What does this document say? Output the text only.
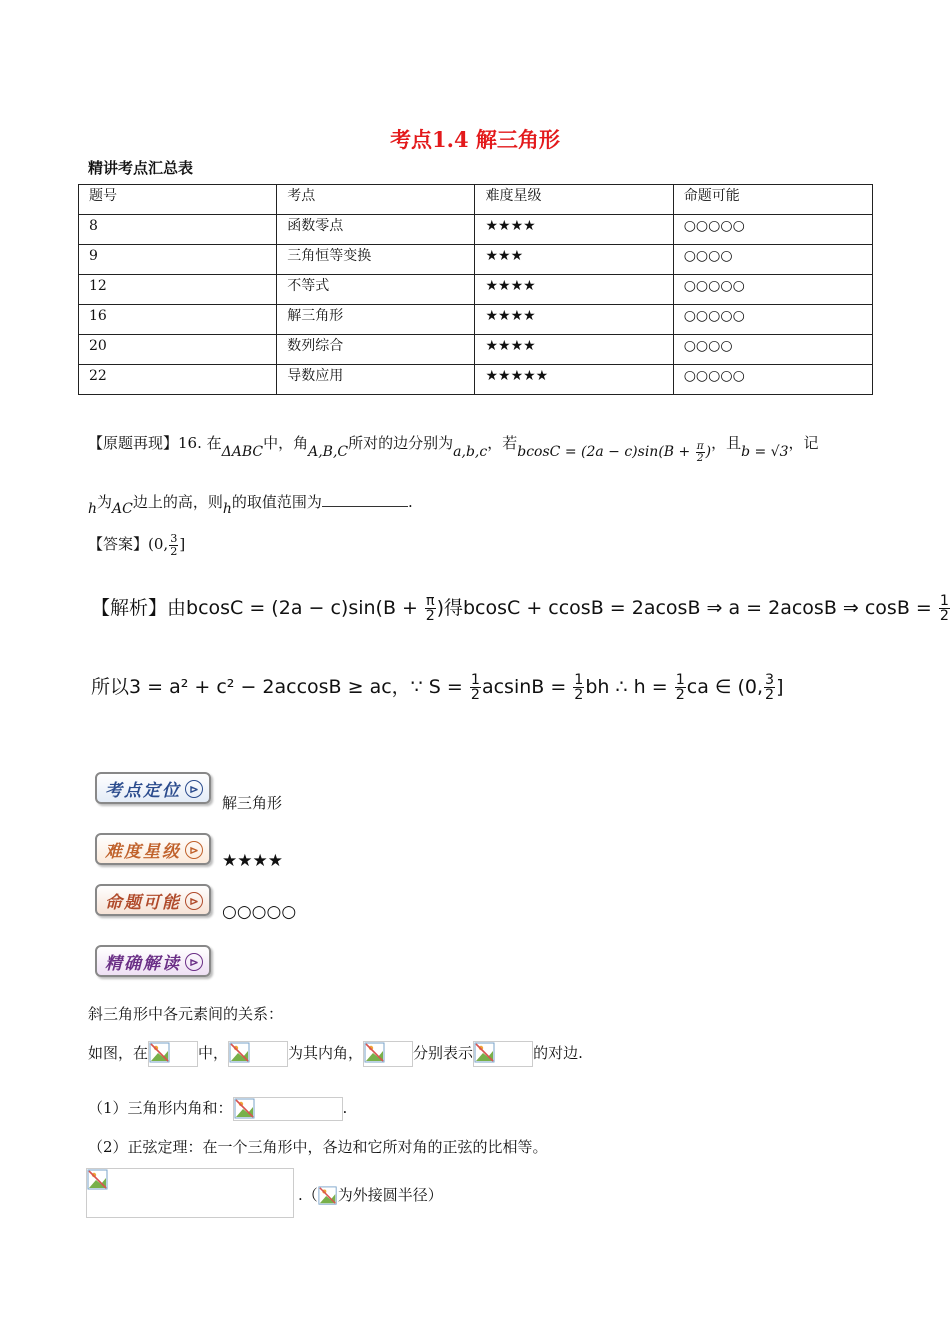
考点1.4 解三角形
精讲考点汇总表
题号	考点	难度星级	命题可能
8	函数零点	★★★★	○○○○○
9	三角恒等变换	★★★	○○○○
12	不等式	★★★★	○○○○○
16	解三角形	★★★★	○○○○○
20	数列综合	★★★★	○○○○
22	导数应用	★★★★★	○○○○○
【原题再现】16. 在ΔABC中，角A,B,C所对的边分别为a,b,c，若$bcosC = (2a - c)\sin(B + \frac{\pi}{2}$ )，且b = √3，记
h为AC边上的高，则h的取值范围为	.
【答案】(0, $\frac{3}{2}$ ]
【解析】由$bcosC = (2a - c)\sin(B + \frac{\pi}{2}$ )得bcosC + ccosB = 2acosB ⇒ a = 2acosB ⇒ $\cos B = \frac{1}{2}$
所以3 = a² + c² − 2accosB ≥ ac，∵ $S = \frac{1}{2}$ $acsinB = \frac{1}{2}$ bh ∴ $h = \frac{1}{2}$ ca ∈ (0, $\frac{3}{2}$ ]
考点定位 ⊳
解三角形
难度星级 ⊳
★★★★
命题可能 ⊳
○○○○○
精确解读 ⊳
斜三角形中各元素间的关系：
如图，在	中，	为其内角，	分别表示	的对边.
（1）三角形内角和：	.
（2）正弦定理：在一个三角形中，各边和它所对角的正弦的比相等。
.（ 为外接圆半径）
